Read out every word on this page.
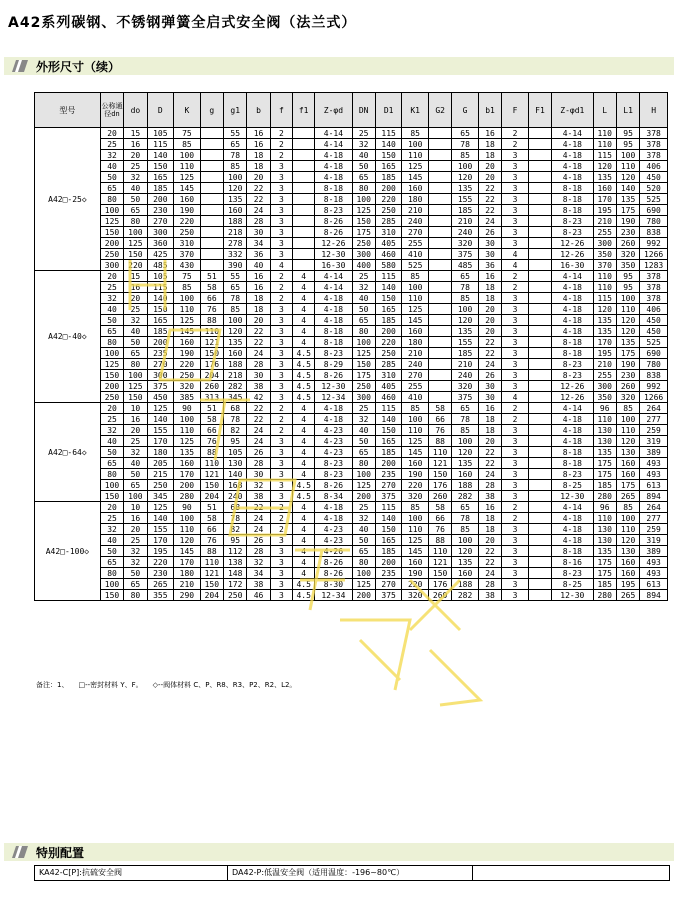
A42系列碳钢、不锈钢弹簧全启式安全阀（法兰式）
外形尺寸（续）
型号	公称通径dn	do	D	K	g	g1	b	f	f1	Z-φd	DN	D1	K1	G2	G	b1	F	F1	Z-φd1	L	L1	H
A42□-25◇	20	15	105	75		55	16	2		4-14	25	115	85		65	16	2		4-14	110	95	378
	25	16	115	85		65	16	2		4-14	32	140	100		78	18	2		4-18	110	95	378
	32	20	140	100		78	18	2		4-18	40	150	110		85	18	3		4-18	115	100	378
	40	25	150	110		85	18	3		4-18	50	165	125		100	20	3		4-18	120	110	406
	50	32	165	125		100	20	3		4-18	65	185	145		120	20	3		4-18	135	120	450
	65	40	185	145		120	22	3		8-18	80	200	160		135	22	3		8-18	160	140	520
	80	50	200	160		135	22	3		8-18	100	220	180		155	22	3		8-18	170	135	525
	100	65	230	190		160	24	3		8-23	125	250	210		185	22	3		8-18	195	175	690
	125	80	270	220		188	28	3		8-26	150	285	240		210	24	3		8-23	210	190	780
	150	100	300	250		218	30	3		8-26	175	310	270		240	26	3		8-23	255	230	838
	200	125	360	310		278	34	3		12-26	250	405	255		320	30	3		12-26	300	260	992
	250	150	425	370		332	36	3		12-30	300	460	410		375	30	4		12-26	350	320	1266
	300	220	485	430		390	40	4		16-30	400	580	525		485	36	4		16-30	370	350	1283
A42□-40◇	20	15	105	75	51	55	16	2	4	4-14	25	115	85		65	16	2		4-14	110	95	378
	25	16	115	85	58	65	16	2	4	4-14	32	140	100		78	18	2		4-18	110	95	378
	32	20	140	100	66	78	18	2	4	4-18	40	150	110		85	18	3		4-18	115	100	378
	40	25	150	110	76	85	18	3	4	4-18	50	165	125		100	20	3		4-18	120	110	406
	50	32	165	125	88	100	20	3	4	4-18	65	185	145		120	20	3		4-18	135	120	450
	65	40	185	145	110	120	22	3	4	8-18	80	200	160		135	20	3		4-18	135	120	450
	80	50	200	160	121	135	22	3	4	8-18	100	220	180		155	22	3		8-18	170	135	525
	100	65	235	190	150	160	24	3	4.5	8-23	125	250	210		185	22	3		8-18	195	175	690
	125	80	270	220	176	188	28	3	4.5	8-29	150	285	240		210	24	3		8-23	210	190	780
	150	100	300	250	204	218	30	3	4.5	8-26	175	310	270		240	26	3		8-23	255	230	838
	200	125	375	320	260	282	38	3	4.5	12-30	250	405	255		320	30	3		12-26	300	260	992
	250	150	450	385	313	345	42	3	4.5	12-34	300	460	410		375	30	4		12-26	350	320	1266
A42□-64◇	20	10	125	90	51	68	22	2	4	4-18	25	115	85	58	65	16	2		4-14	96	85	264
	25	16	140	100	58	78	22	2	4	4-18	32	140	100	66	78	18	2		4-18	110	100	277
	32	20	155	110	66	82	24	2	4	4-23	40	150	110	76	85	18	3		4-18	130	110	259
	40	25	170	125	76	95	24	3	4	4-23	50	165	125	88	100	20	3		4-18	130	120	319
	50	32	180	135	88	105	26	3	4	4-23	65	185	145	110	120	22	3		8-18	135	130	389
	65	40	205	160	110	130	28	3	4	8-23	80	200	160	121	135	22	3		8-18	175	160	493
	80	50	215	170	121	140	30	3	4	8-23	100	235	190	150	160	24	3		8-23	175	160	493
	100	65	250	200	150	168	32	3	4.5	8-26	125	270	220	176	188	28	3		8-25	185	175	613
	150	100	345	280	204	240	38	3	4.5	8-34	200	375	320	260	282	38	3		12-30	280	265	894
A42□-100◇	20	10	125	90	51	68	22	2	4	4-18	25	115	85	58	65	16	2		4-14	96	85	264
	25	16	140	100	58	78	24	2	4	4-18	32	140	100	66	78	18	2		4-18	110	100	277
	32	20	155	110	66	82	24	2	4	4-23	40	150	110	76	85	18	3		4-18	130	110	259
	40	25	170	120	76	95	26	3	4	4-23	50	165	125	88	100	20	3		4-18	130	120	319
	50	32	195	145	88	112	28	3	4	4-26	65	185	145	110	120	22	3		8-18	135	130	389
	65	32	220	170	110	138	32	3	4	8-26	80	200	160	121	135	22	3		8-16	175	160	493
	80	50	230	180	121	148	34	3	4	8-26	100	235	190	150	160	24	3		8-23	175	160	493
	100	65	265	210	150	172	38	3	4.5	8-30	125	270	220	176	188	28	3		8-25	185	195	613
	150	80	355	290	204	250	46	3	4.5	12-34	200	375	320	260	282	38	3		12-30	280	265	894
备注：1、 □--密封材料 Y、F。 ◇--阀体材料 C、P、R8、R3、P2、R2、L2。
特别配置
KA42-C[P]:抗硫安全阀	DA42-P:低温安全阀（适用温度：-196~80℃）
